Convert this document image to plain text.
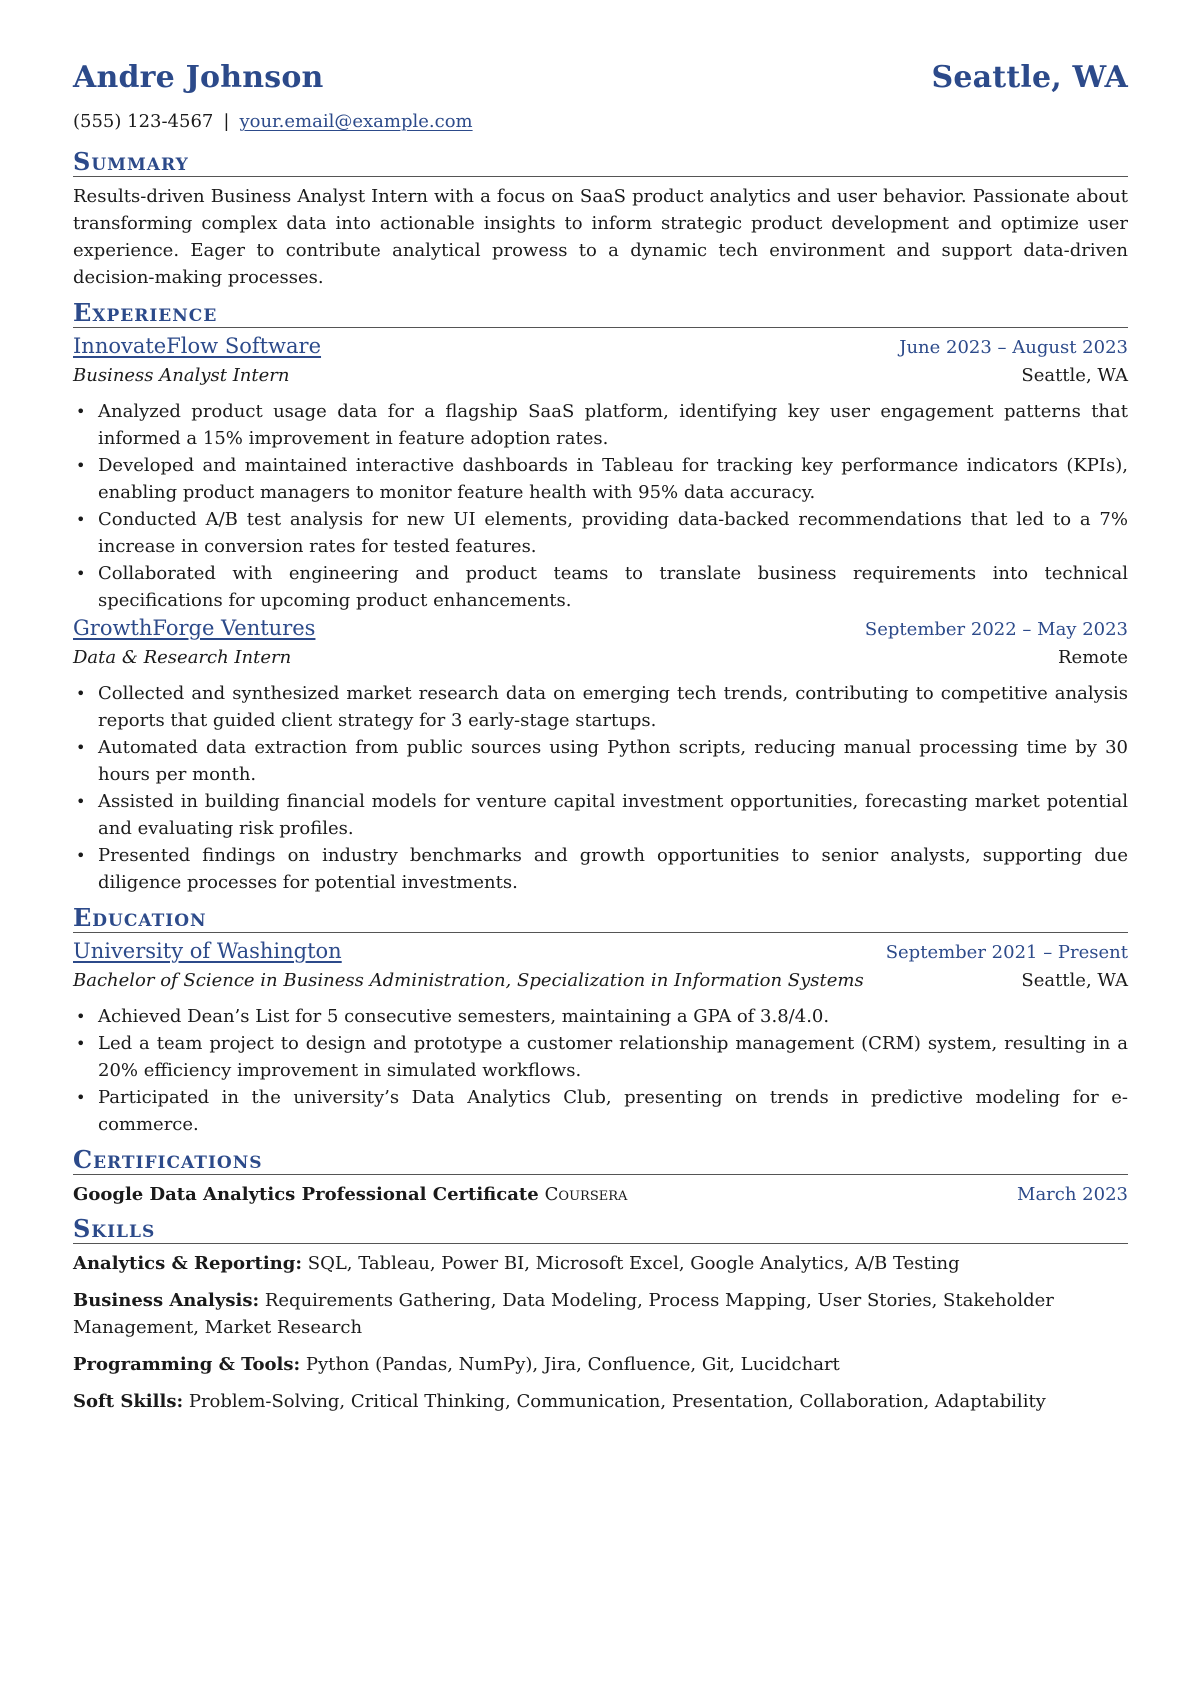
Andre Johnson	Seattle, WA
(555) 123-4567 | your.email@example.com
Summary
Results-driven Business Analyst Intern with a focus on SaaS product analytics and user behavior. Passionate about transforming complex data into actionable insights to inform strategic product development and optimize user experience. Eager to contribute analytical prowess to a dynamic tech environment and support data-driven decision-making processes.
Experience
InnovateFlow Software	June 2023 – August 2023
Business Analyst Intern	Seattle, WA
• Analyzed product usage data for a flagship SaaS platform, identifying key user engagement patterns that informed a 15% improvement in feature adoption rates.
• Developed and maintained interactive dashboards in Tableau for tracking key performance indicators (KPIs), enabling product managers to monitor feature health with 95% data accuracy.
• Conducted A/B test analysis for new UI elements, providing data-backed recommendations that led to a 7% increase in conversion rates for tested features.
• Collaborated with engineering and product teams to translate business requirements into technical specifications for upcoming product enhancements.
GrowthForge Ventures	September 2022 – May 2023
Data & Research Intern	Remote
• Collected and synthesized market research data on emerging tech trends, contributing to competitive analysis reports that guided client strategy for 3 early-stage startups.
• Automated data extraction from public sources using Python scripts, reducing manual processing time by 30 hours per month.
• Assisted in building financial models for venture capital investment opportunities, forecasting market potential and evaluating risk profiles.
• Presented findings on industry benchmarks and growth opportunities to senior analysts, supporting due diligence processes for potential investments.
Education
University of Washington	September 2021 – Present
Bachelor of Science in Business Administration, Specialization in Information Systems	Seattle, WA
• Achieved Dean’s List for 5 consecutive semesters, maintaining a GPA of 3.8/4.0.
• Led a team project to design and prototype a customer relationship management (CRM) system, resulting in a 20% efficiency improvement in simulated workflows.
• Participated in the university’s Data Analytics Club, presenting on trends in predictive modeling for e-commerce.
Certifications
Google Data Analytics Professional Certificate Coursera	March 2023
Skills
Analytics & Reporting: SQL, Tableau, Power BI, Microsoft Excel, Google Analytics, A/B Testing
Business Analysis: Requirements Gathering, Data Modeling, Process Mapping, User Stories, Stakeholder Management, Market Research
Programming & Tools: Python (Pandas, NumPy), Jira, Confluence, Git, Lucidchart
Soft Skills: Problem-Solving, Critical Thinking, Communication, Presentation, Collaboration, Adaptability
